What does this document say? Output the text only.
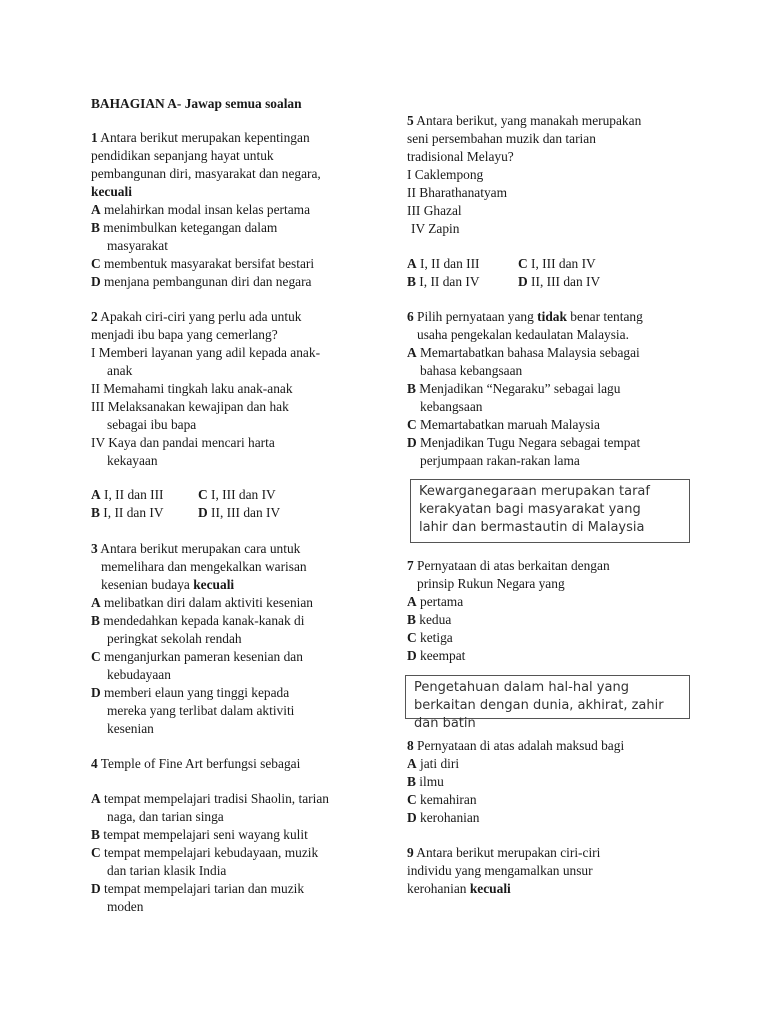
BAHAGIAN A- Jawap semua soalan
1 Antara berikut merupakan kepentingan
pendidikan sepanjang hayat untuk
pembangunan diri, masyarakat dan negara,
kecuali
A melahirkan modal insan kelas pertama
B menimbulkan ketegangan dalam
masyarakat
C membentuk masyarakat bersifat bestari
D menjana pembangunan diri dan negara
2 Apakah ciri-ciri yang perlu ada untuk
menjadi ibu bapa yang cemerlang?
I Memberi layanan yang adil kepada anak-
anak
II Memahami tingkah laku anak-anak
III Melaksanakan kewajipan dan hak
sebagai ibu bapa
IV Kaya dan pandai mencari harta
kekayaan
A I, II dan III	C I, III dan IV
B I, II dan IV	D II, III dan IV
3 Antara berikut merupakan cara untuk
memelihara dan mengekalkan warisan
kesenian budaya kecuali
A melibatkan diri dalam aktiviti kesenian
B mendedahkan kepada kanak-kanak di
peringkat sekolah rendah
C menganjurkan pameran kesenian dan
kebudayaan
D memberi elaun yang tinggi kepada
mereka yang terlibat dalam aktiviti
kesenian
4 Temple of Fine Art berfungsi sebagai
A tempat mempelajari tradisi Shaolin, tarian
naga, dan tarian singa
B tempat mempelajari seni wayang kulit
C tempat mempelajari kebudayaan, muzik
dan tarian klasik India
D tempat mempelajari tarian dan muzik
moden
5 Antara berikut, yang manakah merupakan
seni persembahan muzik dan tarian
tradisional Melayu?
I Caklempong
II Bharathanatyam
III Ghazal
IV Zapin
A I, II dan III	C I, III dan IV
B I, II dan IV	D II, III dan IV
6 Pilih pernyataan yang tidak benar tentang
usaha pengekalan kedaulatan Malaysia.
A Memartabatkan bahasa Malaysia sebagai
bahasa kebangsaan
B Menjadikan “Negaraku” sebagai lagu
kebangsaan
C Memartabatkan maruah Malaysia
D Menjadikan Tugu Negara sebagai tempat
perjumpaan rakan-rakan lama
7 Pernyataan di atas berkaitan dengan
prinsip Rukun Negara yang
A pertama
B kedua
C ketiga
D keempat
8 Pernyataan di atas adalah maksud bagi
A jati diri
B ilmu
C kemahiran
D kerohanian
9 Antara berikut merupakan ciri-ciri
individu yang mengamalkan unsur
kerohanian kecuali
Kewarganegaraan merupakan taraf
kerakyatan bagi masyarakat yang
lahir dan bermastautin di Malaysia
Pengetahuan dalam hal-hal yang
berkaitan dengan dunia, akhirat, zahir
dan batin
